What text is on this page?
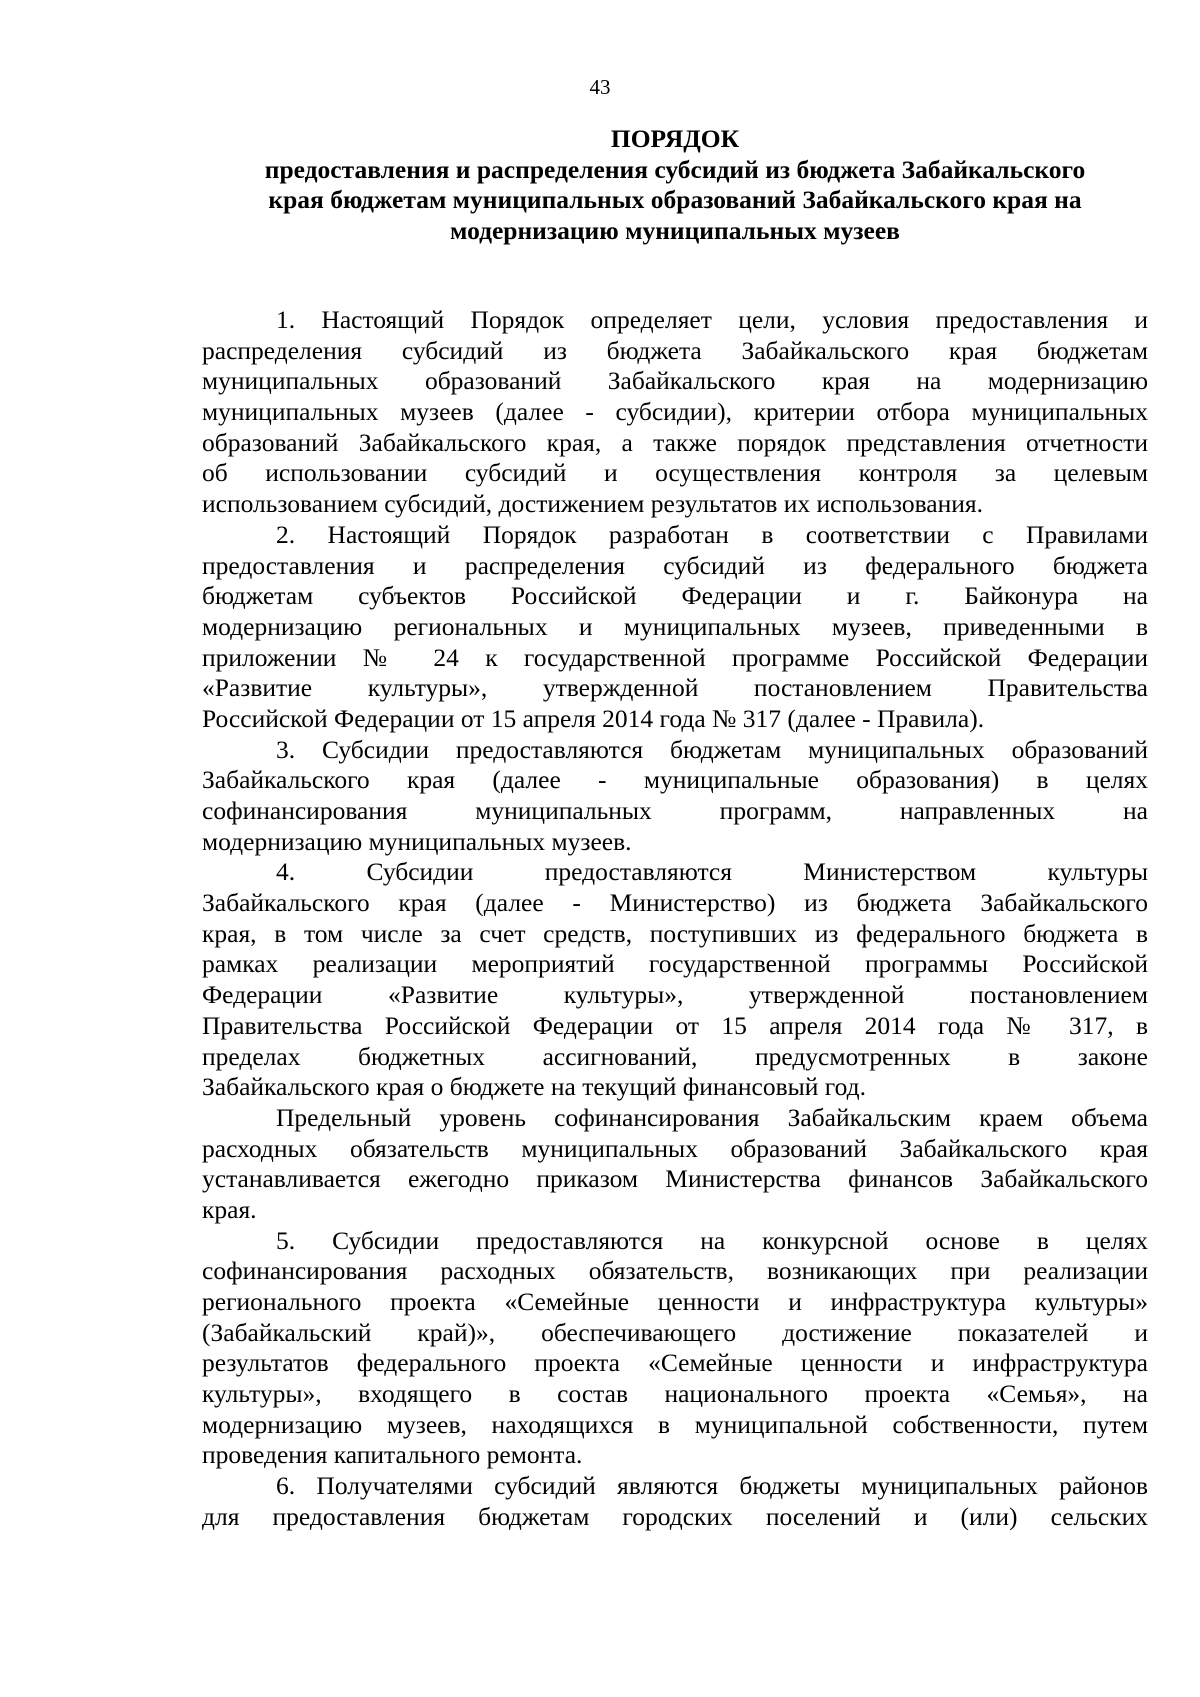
43
ПОРЯДОК
предоставления и распределения субсидий из бюджета Забайкальского
края бюджетам муниципальных образований Забайкальского края на
модернизацию муниципальных музеев
1. Настоящий Порядок определяет цели, условия предоставления и
распределения субсидий из бюджета Забайкальского края бюджетам
муниципальных образований Забайкальского края на модернизацию
муниципальных музеев (далее - субсидии), критерии отбора муниципальных
образований Забайкальского края, а также порядок представления отчетности
об использовании субсидий и осуществления контроля за целевым
использованием субсидий, достижением результатов их использования.
2. Настоящий Порядок разработан в соответствии с Правилами
предоставления и распределения субсидий из федерального бюджета
бюджетам субъектов Российской Федерации и г. Байконура на
модернизацию региональных и муниципальных музеев, приведенными в
приложении № 24 к государственной программе Российской Федерации
«Развитие культуры», утвержденной постановлением Правительства
Российской Федерации от 15 апреля 2014 года № 317 (далее - Правила).
3. Субсидии предоставляются бюджетам муниципальных образований
Забайкальского края (далее - муниципальные образования) в целях
софинансирования муниципальных программ, направленных на
модернизацию муниципальных музеев.
4. Субсидии предоставляются Министерством культуры
Забайкальского края (далее - Министерство) из бюджета Забайкальского
края, в том числе за счет средств, поступивших из федерального бюджета в
рамках реализации мероприятий государственной программы Российской
Федерации «Развитие культуры», утвержденной постановлением
Правительства Российской Федерации от 15 апреля 2014 года № 317, в
пределах бюджетных ассигнований, предусмотренных в законе
Забайкальского края о бюджете на текущий финансовый год.
Предельный уровень софинансирования Забайкальским краем объема
расходных обязательств муниципальных образований Забайкальского края
устанавливается ежегодно приказом Министерства финансов Забайкальского
края.
5. Субсидии предоставляются на конкурсной основе в целях
софинансирования расходных обязательств, возникающих при реализации
регионального проекта «Семейные ценности и инфраструктура культуры»
(Забайкальский край)», обеспечивающего достижение показателей и
результатов федерального проекта «Семейные ценности и инфраструктура
культуры», входящего в состав национального проекта «Семья», на
модернизацию музеев, находящихся в муниципальной собственности, путем
проведения капитального ремонта.
6. Получателями субсидий являются бюджеты муниципальных районов
для предоставления бюджетам городских поселений и (или) сельских
